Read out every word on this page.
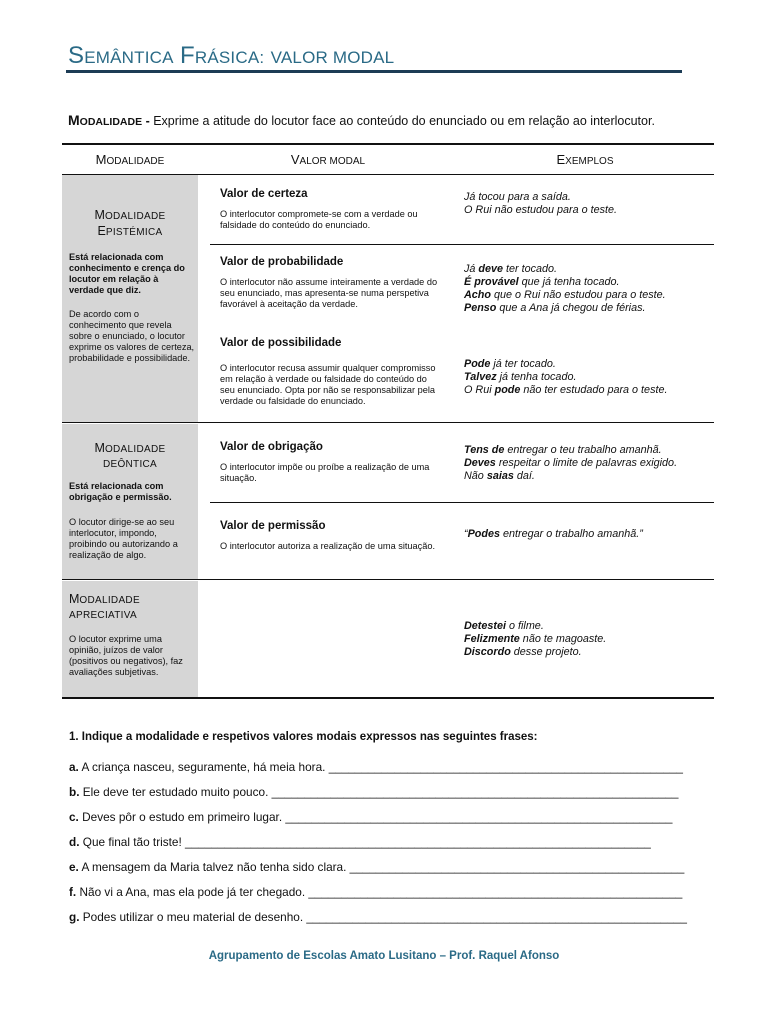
SEMÂNTICA FRÁSICA: VALOR MODAL
MODALIDADE - Exprime a atitude do locutor face ao conteúdo do enunciado ou em relação ao interlocutor.
MODALIDADE	VALOR MODAL	EXEMPLOS
MODALIDADE
EPISTÉMICA
Está relacionada com conhecimento e crença do locutor em relação à verdade que diz.
De acordo com o conhecimento que revela sobre o enunciado, o locutor exprime os valores de certeza, probabilidade e possibilidade.
MODALIDADE
DEÔNTICA
Está relacionada com obrigação e permissão.
O locutor dirige-se ao seu interlocutor, impondo, proibindo ou autorizando a realização de algo.
MODALIDADE
APRECIATIVA
O locutor exprime uma opinião, juízos de valor (positivos ou negativos), faz avaliações subjetivas.
Valor de certeza
O interlocutor compromete-se com a verdade ou falsidade do conteúdo do enunciado.
Valor de probabilidade
O interlocutor não assume inteiramente a verdade do seu enunciado, mas apresenta-se numa perspetiva favorável à aceitação da verdade.
Valor de possibilidade
O interlocutor recusa assumir qualquer compromisso em relação à verdade ou falsidade do conteúdo do seu enunciado. Opta por não se responsabilizar pela verdade ou falsidade do enunciado.
Valor de obrigação
O interlocutor impõe ou proíbe a realização de uma situação.
Valor de permissão
O interlocutor autoriza a realização de uma situação.
Já tocou para a saída.
O Rui não estudou para o teste.
Já deve ter tocado.
É provável que já tenha tocado.
Acho que o Rui não estudou para o teste.
Penso que a Ana já chegou de férias.
Pode já ter tocado.
Talvez já tenha tocado.
O Rui pode não ter estudado para o teste.
Tens de entregar o teu trabalho amanhã.
Deves respeitar o limite de palavras exigido.
Não saias daí.
“Podes entregar o trabalho amanhã.”
Detestei o filme.
Felizmente não te magoaste.
Discordo desse projeto.
1. Indique a modalidade e respetivos valores modais expressos nas seguintes frases:
a. A criança nasceu, seguramente, há meia hora. ______________________________________________________
b. Ele deve ter estudado muito pouco. ______________________________________________________________
c. Deves pôr o estudo em primeiro lugar. ___________________________________________________________
d. Que final tão triste! _______________________________________________________________________
e. A mensagem da Maria talvez não tenha sido clara. ___________________________________________________
f. Não vi a Ana, mas ela pode já ter chegado. _________________________________________________________
g. Podes utilizar o meu material de desenho. __________________________________________________________
Agrupamento de Escolas Amato Lusitano – Prof. Raquel Afonso
